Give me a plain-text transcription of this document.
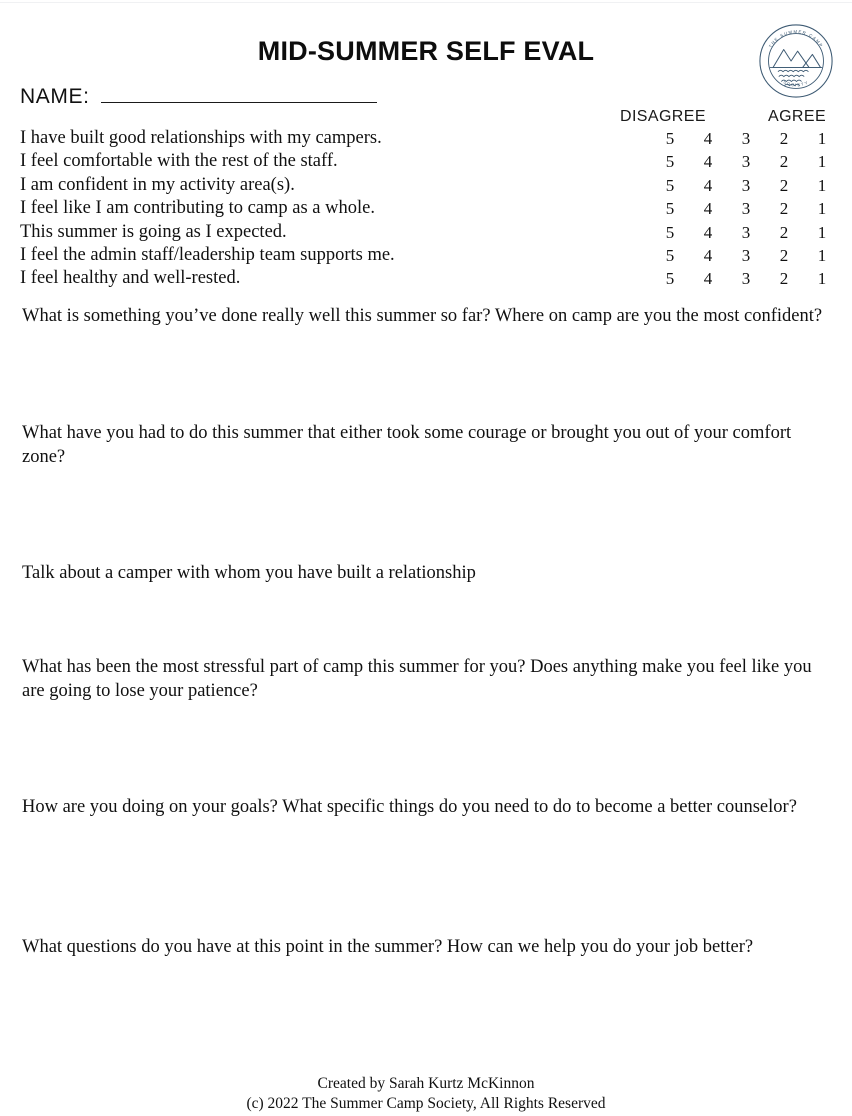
MID-SUMMER SELF EVAL	THE SUMMER CAMP
SOCIETY
NAME:
DISAGREE	AGREE
I have built good relationships with my campers.	5	4	3	2	1
I feel comfortable with the rest of the staff.	5	4	3	2	1
I am confident in my activity area(s).	5	4	3	2	1
I feel like I am contributing to camp as a whole.	5	4	3	2	1
This summer is going as I expected.	5	4	3	2	1
I feel the admin staff/leadership team supports me.	5	4	3	2	1
I feel healthy and well-rested.	5	4	3	2	1
What is something you’ve done really well this summer so far? Where on camp are you the most confident?
What have you had to do this summer that either took some courage or brought you out of your comfort zone?
Talk about a camper with whom you have built a relationship
What has been the most stressful part of camp this summer for you? Does anything make you feel like you are going to lose your patience?
How are you doing on your goals? What specific things do you need to do to become a better counselor?
What questions do you have at this point in the summer? How can we help you do your job better?
Created by Sarah Kurtz McKinnon
(c) 2022 The Summer Camp Society, All Rights Reserved
